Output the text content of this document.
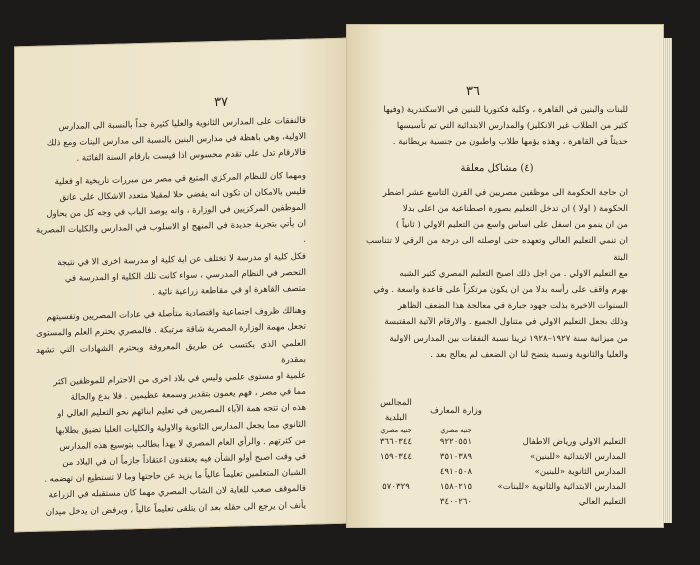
٣٧

فالنفقات على المدارس الثانوية والعليا كثيرة جداً بالنسبة الى المدارس

الاولية، وهي باهظة في مدارس البنين بالنسبة الى مدارس البنات ومع ذلك

فالارقام تدل على تقدم محسوس اذا قيست بارقام السنة الفائتة .

ومهما كان للنظام المركزي المتبع في مصر من مبررات تاريخية او فعلية

فليس بالامكان ان تكون انه يقضي حلا لمقيلا متعدد الاشكال على عاتق

الموظفين المركزيين في الوزارة ، وانه يوصد الباب في وجه كل من يحاول

ان يأتي بتجربة جديدة في المنهج او الاسلوب في المدارس والكليات المصرية .

فكل كلية او مدرسة لا تختلف عن اية كلية او مدرسة اخرى الا في نتيجة

التحصر في النظام المدرسي ، سواء كانت تلك الكلية او المدرسة في

متصف القاهرة او في مقاطعة زراعية نائية .

وهنالك ظروف اجتماعية واقتصادية متأصلة في عادات المصريين وتفسيتهم

تجعل مهمة الوزارة المصرية شاقة مرتبكة . فالمصري يحترم العلم والمستوى

العلمي الذي يكتسب عن طريق المعروفة ويحترم الشهادات التي تشهد بمقدرة

علمية او مستوى علمي وليس في بلاد اخرى من الاحترام للموظفين اكثر

مما في مصر ، فهم يعمون بتقدير وسمعة عظيمين . فلا بدع والحالة

هذه ان تتجه همة الآباء المصريين في تعليم ابنائهم نحو التعليم العالي او

الثانوي مما يجعل المدارس الثانوية والاولية والكليات العليا تضيق بطلابها

من كثرتهم . والرأي العام المصري لا يهدأ بطالب بتوسيع هذه المدارس

في وقت اصبح أولو الشأن فيه يعتقدون اعتقاداً جازماً ان في البلاد من

الشبان المتعلمين تعليماً عالياً ما يزيد عن حاجتها وما لا تستطيع ان تهضمه .

فالموقف صعب للغاية لان الشاب المصري مهما كان مستقبله في الزراعة

يأنف ان يرجع الى حقله بعد ان يتلقى تعليماً عالياً ، ويرفض ان يدخل ميدان

٣٦

للبنات والبنين في القاهرة ، وكلية فكتوريا للبنين في الاسكندرية (وفيها

كثير من الطلاب غير الانكليز) والمدارس الابتدائية التي تم تأسيسها

حديثاً في القاهرة ، وهذه يؤمها طلاب واطبون من جنسية بريطانية .

(٤) مشاكل معلقة

ان حاجة الحكومة الى موظفين مصريين في القرن التاسع عشر اضطر

الحكومة ( اولا ) ان تدخل التعليم بصورة اصطناعية من اعلى بدلا

من ان ينمو من اسفل على اساس واسع من التعليم الاولي ( ثانياً )

ان تنمي التعليم العالي وتعهده حتى اوصلته الى درجة من الرقي لا تتناسب البتة

مع التعليم الاولي . من اجل ذلك اصبح التعليم المصري كثير الشبه

بهرم واقف على رأسه بدلا من ان يكون مرتكزاً على قاعدة واسعة . وفي

السنوات الاخيرة بذلت جهود جبارة في معالجة هذا الضعف الظاهر

وذلك بجعل التعليم الاولي في متناول الجميع . والارقام الآتية المقتبسة

من ميزانية سنة ١٩٢٧–١٩٢٨ ترينا نسبة النفقات بين المدارس الاولية

والعليا والثانوية ونسبة يتضح لنا ان الضعف لم يعالج بعد .

	وزارة المعارف	المجالس البلدية
	جنيه مصري	جنيه مصري
التعليم الاولي ورياض الاطفال	٩٢٢٠٥٥١	٣٦٦٠٣٤٤
المدارس الابتدائية «للبنين»	٣٥١٠٣٨٩	١٥٩٠٣٤٤
المدارس الثانوية «للبنين»	٤٩١٠٥٠٨	
المدارس الابتدائية والثانوية «للبنات»	١٥٨٠٢١٥	٥٧٠٣٢٩
التعليم العالي	٣٤٠٠٢٦٠	
